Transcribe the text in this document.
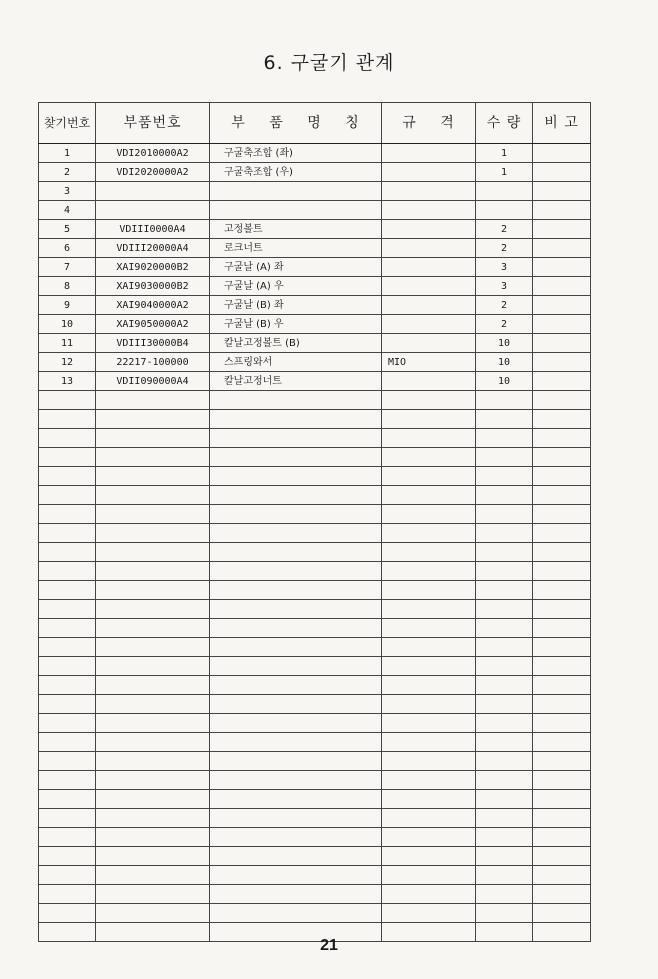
6. 구굴기 관계
찾기번호	부품번호	부 품 명 칭	규 격	수 량	비 고
1	VDI2010000A2	구굴축조합 (좌)		1	
2	VDI2020000A2	구굴축조합 (우)		1	
3					
4					
5	VDIII0000A4	고정볼트		2	
6	VDIII20000A4	로크너트		2	
7	XAI9020000B2	구굴날 (A) 좌		3	
8	XAI9030000B2	구굴날 (A) 우		3	
9	XAI9040000A2	구굴날 (B) 좌		2	
10	XAI9050000A2	구굴날 (B) 우		2	
11	VDIII30000B4	칼날고정볼트 (B)		10	
12	22217-100000	스프링와서	MIO	10	
13	VDII090000A4	칼날고정너트		10	

21
